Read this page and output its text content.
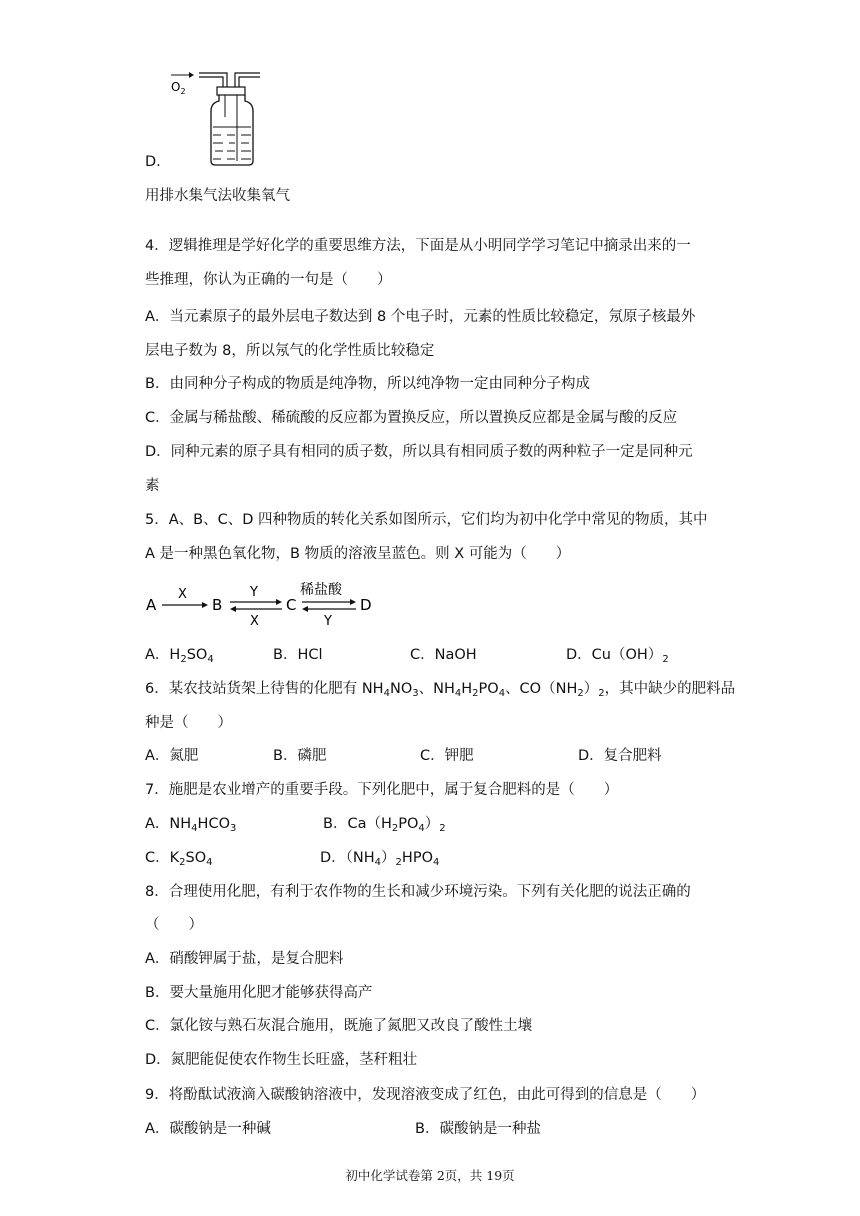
$O_2$
D.
用排水集气法收集氧气
4．逻辑推理是学好化学的重要思维方法，下面是从小明同学学习笔记中摘录出来的一
些推理，你认为正确的一句是（　　）
A．当元素原子的最外层电子数达到 8 个电子时，元素的性质比较稳定，氖原子核最外
层电子数为 8，所以氖气的化学性质比较稳定
B．由同种分子构成的物质是纯净物，所以纯净物一定由同种分子构成
C．金属与稀盐酸、稀硫酸的反应都为置换反应，所以置换反应都是金属与酸的反应
D．同种元素的原子具有相同的质子数，所以具有相同质子数的两种粒子一定是同种元
素
5．A、B、C、D 四种物质的转化关系如图所示，它们均为初中化学中常见的物质，其中
A 是一种黑色氧化物，B 物质的溶液呈蓝色。则 X 可能为（　　）
A
X
B
Y
X
C
稀盐酸
Y
D
A．$H_2SO_4$	B．HCl	C．NaOH	D．$Cu(OH)_2$
6．某农技站货架上待售的化肥有 $NH_4NO_3$、$NH_4H_2PO_4$、$CO(NH_2)_2$，其中缺少的肥料品
种是（　　）
A．氮肥	B．磷肥	C．钾肥	D．复合肥料
7．施肥是农业增产的重要手段。下列化肥中，属于复合肥料的是（　　）
A．$NH_4HCO_3$	B．$Ca(H_2PO_4)_2$
C．$K_2SO_4$	D．$(NH_4)_2HPO_4$
8．合理使用化肥，有利于农作物的生长和减少环境污染。下列有关化肥的说法正确的
（　　）
A．硝酸钾属于盐，是复合肥料
B．要大量施用化肥才能够获得高产
C．氯化铵与熟石灰混合施用，既施了氮肥又改良了酸性土壤
D．氮肥能促使农作物生长旺盛，茎秆粗壮
9．将酚酞试液滴入碳酸钠溶液中，发现溶液变成了红色，由此可得到的信息是（　　）
A．碳酸钠是一种碱	B．碳酸钠是一种盐
初中化学试卷第 2页，共 19页
